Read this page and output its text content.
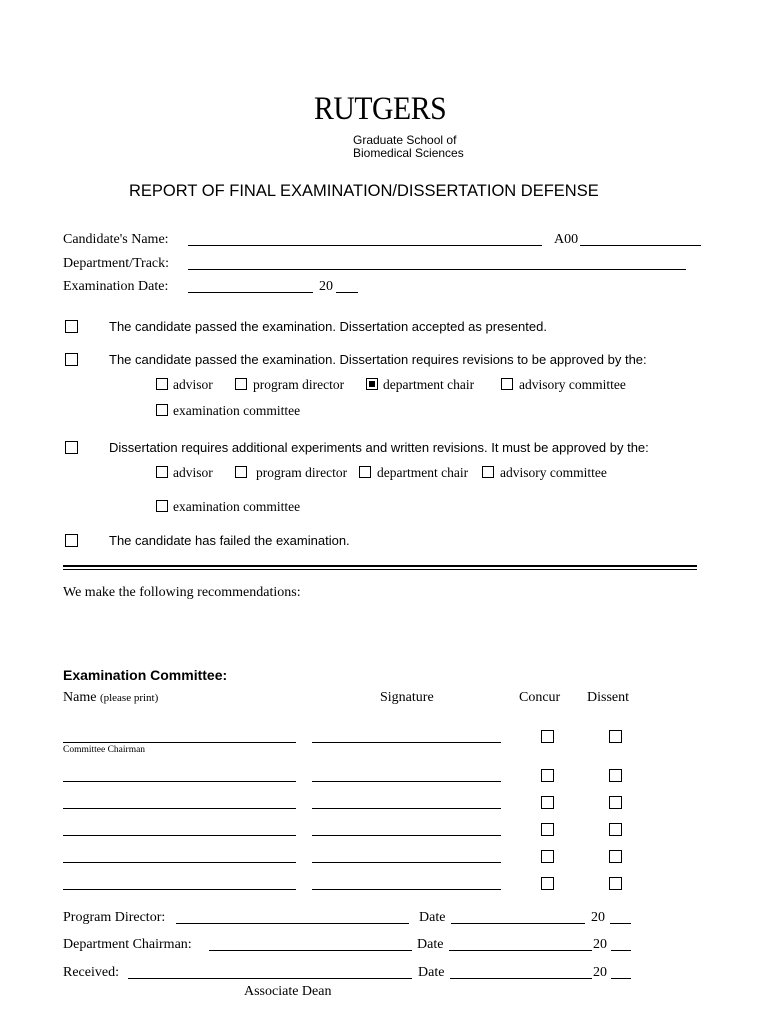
RUTGERS
Graduate School of
Biomedical Sciences
REPORT OF FINAL EXAMINATION/DISSERTATION DEFENSE
Candidate's Name:	A00
Department/Track:
Examination Date:	20
The candidate passed the examination. Dissertation accepted as presented.
The candidate passed the examination. Dissertation requires revisions to be approved by the:
advisor	program director	department chair	advisory committee
examination committee
Dissertation requires additional experiments and written revisions. It must be approved by the:
advisor	program director department chair advisory committee
examination committee
The candidate has failed the examination.
We make the following recommendations:
Examination Committee:
Name (please print)	Signature	Concur Dissent
Committee Chairman
Program Director:	Date	20
Department Chairman:	Date	20
Received:	Date	20
Associate Dean
